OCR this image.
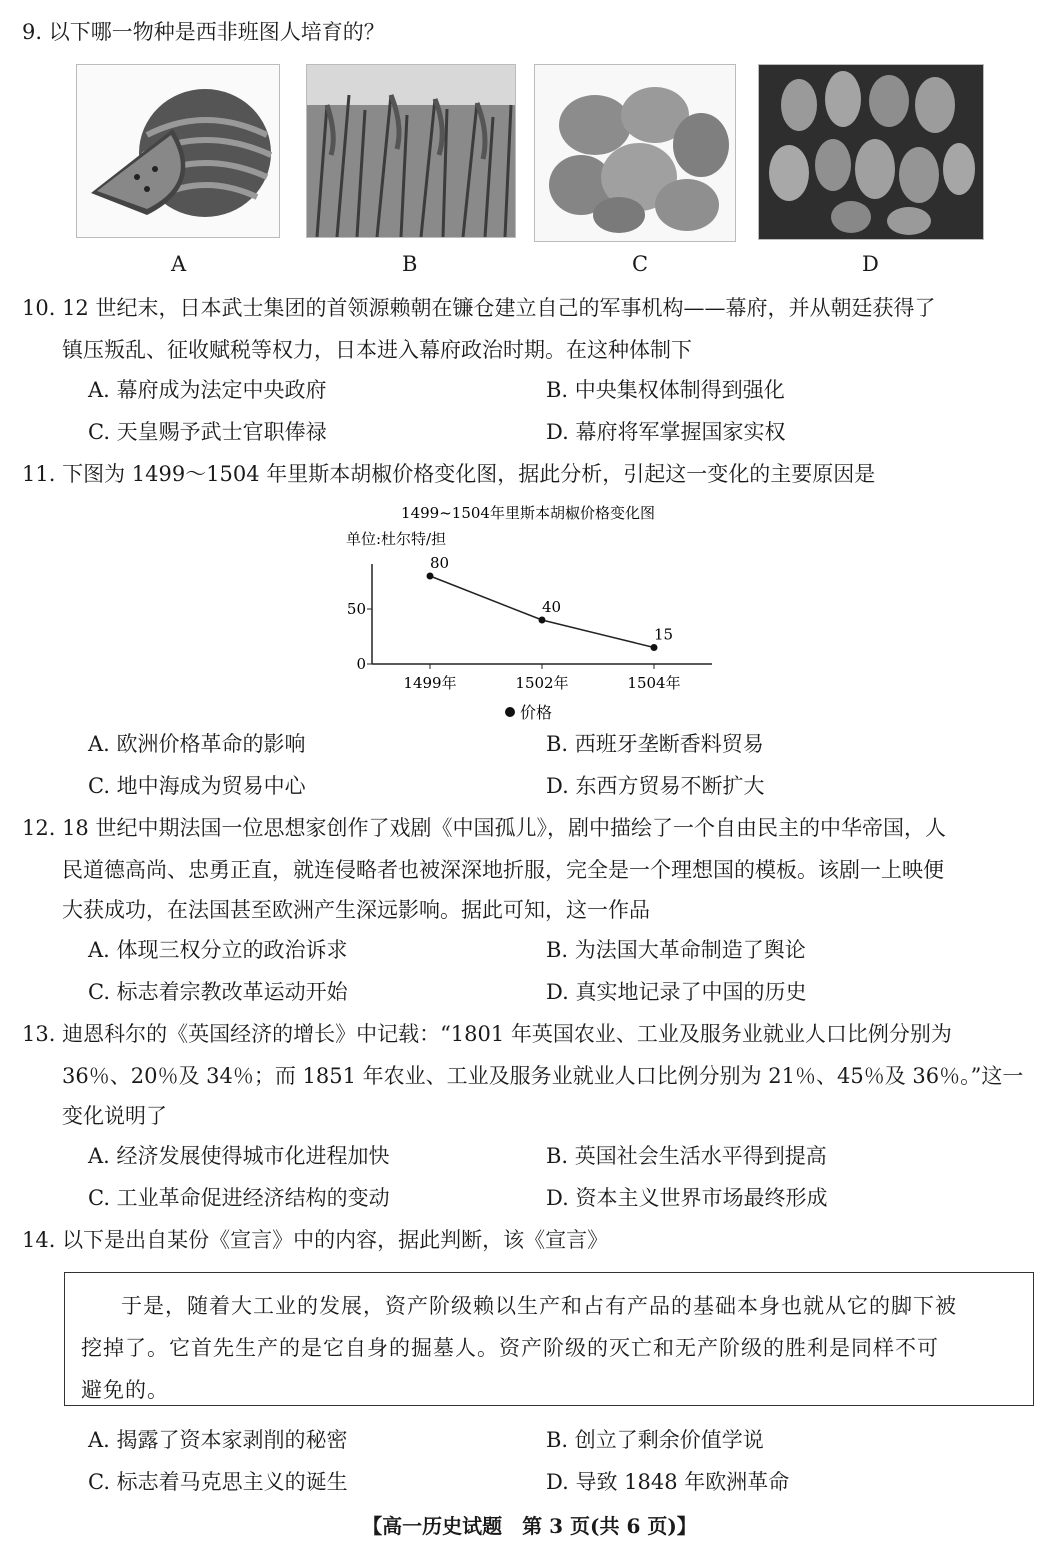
9. 以下哪一物种是西非班图人培育的？
A	B	C	D
10. 12 世纪末，日本武士集团的首领源赖朝在镰仓建立自己的军事机构——幕府，并从朝廷获得了
镇压叛乱、征收赋税等权力，日本进入幕府政治时期。在这种体制下
A. 幕府成为法定中央政府	B. 中央集权体制得到强化
C. 天皇赐予武士官职俸禄	D. 幕府将军掌握国家实权
11. 下图为 1499～1504 年里斯本胡椒价格变化图，据此分析，引起这一变化的主要原因是
1499~1504年里斯本胡椒价格变化图
单位:杜尔特/担
0
50
1499年	1502年	1504年
80
40
15
价格
A. 欧洲价格革命的影响	B. 西班牙垄断香料贸易
C. 地中海成为贸易中心	D. 东西方贸易不断扩大
12. 18 世纪中期法国一位思想家创作了戏剧《中国孤儿》，剧中描绘了一个自由民主的中华帝国，人
民道德高尚、忠勇正直，就连侵略者也被深深地折服，完全是一个理想国的模板。该剧一上映便
大获成功，在法国甚至欧洲产生深远影响。据此可知，这一作品
A. 体现三权分立的政治诉求	B. 为法国大革命制造了舆论
C. 标志着宗教改革运动开始	D. 真实地记录了中国的历史
13. 迪恩科尔的《英国经济的增长》中记载：“1801 年英国农业、工业及服务业就业人口比例分别为
36％、20％及 34％；而 1851 年农业、工业及服务业就业人口比例分别为 21％、45％及 36％。”这一
变化说明了
A. 经济发展使得城市化进程加快	B. 英国社会生活水平得到提高
C. 工业革命促进经济结构的变动	D. 资本主义世界市场最终形成
14. 以下是出自某份《宣言》中的内容，据此判断，该《宣言》
于是，随着大工业的发展，资产阶级赖以生产和占有产品的基础本身也就从它的脚下被
挖掉了。它首先生产的是它自身的掘墓人。资产阶级的灭亡和无产阶级的胜利是同样不可
避免的。
A. 揭露了资本家剥削的秘密	B. 创立了剩余价值学说
C. 标志着马克思主义的诞生	D. 导致 1848 年欧洲革命
【高一历史试题　第 3 页(共 6 页)】
